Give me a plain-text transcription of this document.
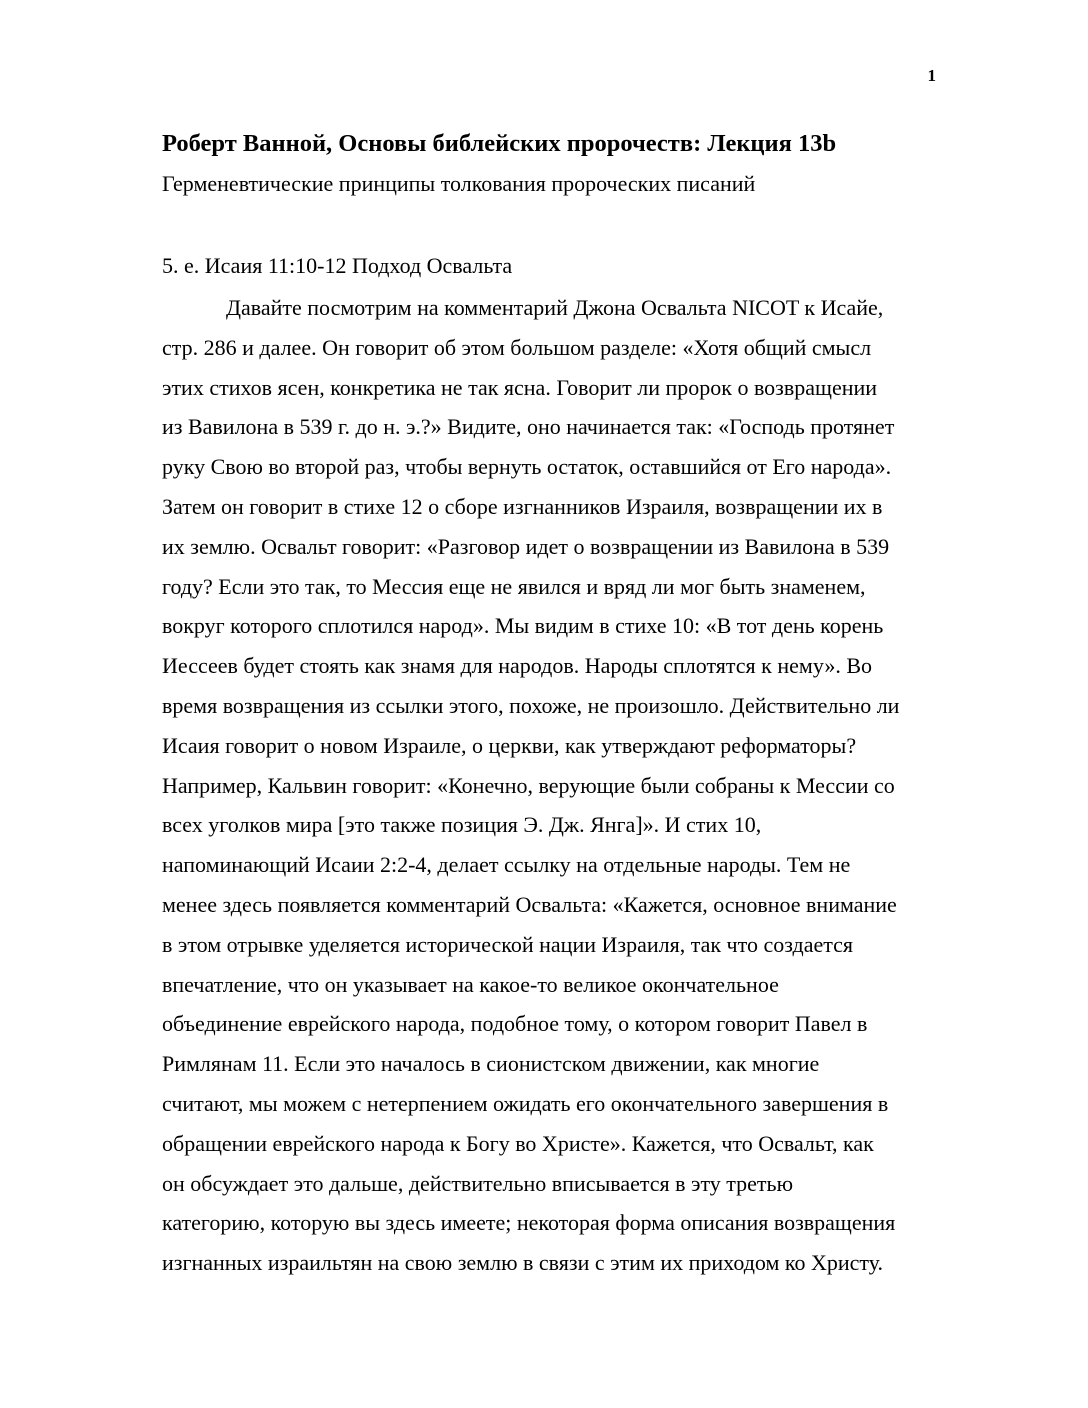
1
Роберт Ванной, Основы библейских пророчеств: Лекция 13b
Герменевтические принципы толкования пророческих писаний
5. е. Исаия 11:10-12 Подход Освальта
Давайте посмотрим на комментарий Джона Освальта NICOT к Исайе,
стр. 286 и далее. Он говорит об этом большом разделе: «Хотя общий смысл
этих стихов ясен, конкретика не так ясна. Говорит ли пророк о возвращении
из Вавилона в 539 г. до н. э.?» Видите, оно начинается так: «Господь протянет
руку Свою во второй раз, чтобы вернуть остаток, оставшийся от Его народа».
Затем он говорит в стихе 12 о сборе изгнанников Израиля, возвращении их в
их землю. Освальт говорит: «Разговор идет о возвращении из Вавилона в 539
году? Если это так, то Мессия еще не явился и вряд ли мог быть знаменем,
вокруг которого сплотился народ». Мы видим в стихе 10: «В тот день корень
Иессеев будет стоять как знамя для народов. Народы сплотятся к нему». Во
время возвращения из ссылки этого, похоже, не произошло. Действительно ли
Исаия говорит о новом Израиле, о церкви, как утверждают реформаторы?
Например, Кальвин говорит: «Конечно, верующие были собраны к Мессии со
всех уголков мира [это также позиция Э. Дж. Янга]». И стих 10,
напоминающий Исаии 2:2-4, делает ссылку на отдельные народы. Тем не
менее здесь появляется комментарий Освальта: «Кажется, основное внимание
в этом отрывке уделяется исторической нации Израиля, так что создается
впечатление, что он указывает на какое-то великое окончательное
объединение еврейского народа, подобное тому, о котором говорит Павел в
Римлянам 11. Если это началось в сионистском движении, как многие
считают, мы можем с нетерпением ожидать его окончательного завершения в
обращении еврейского народа к Богу во Христе». Кажется, что Освальт, как
он обсуждает это дальше, действительно вписывается в эту третью
категорию, которую вы здесь имеете; некоторая форма описания возвращения
изгнанных израильтян на свою землю в связи с этим их приходом ко Христу.
